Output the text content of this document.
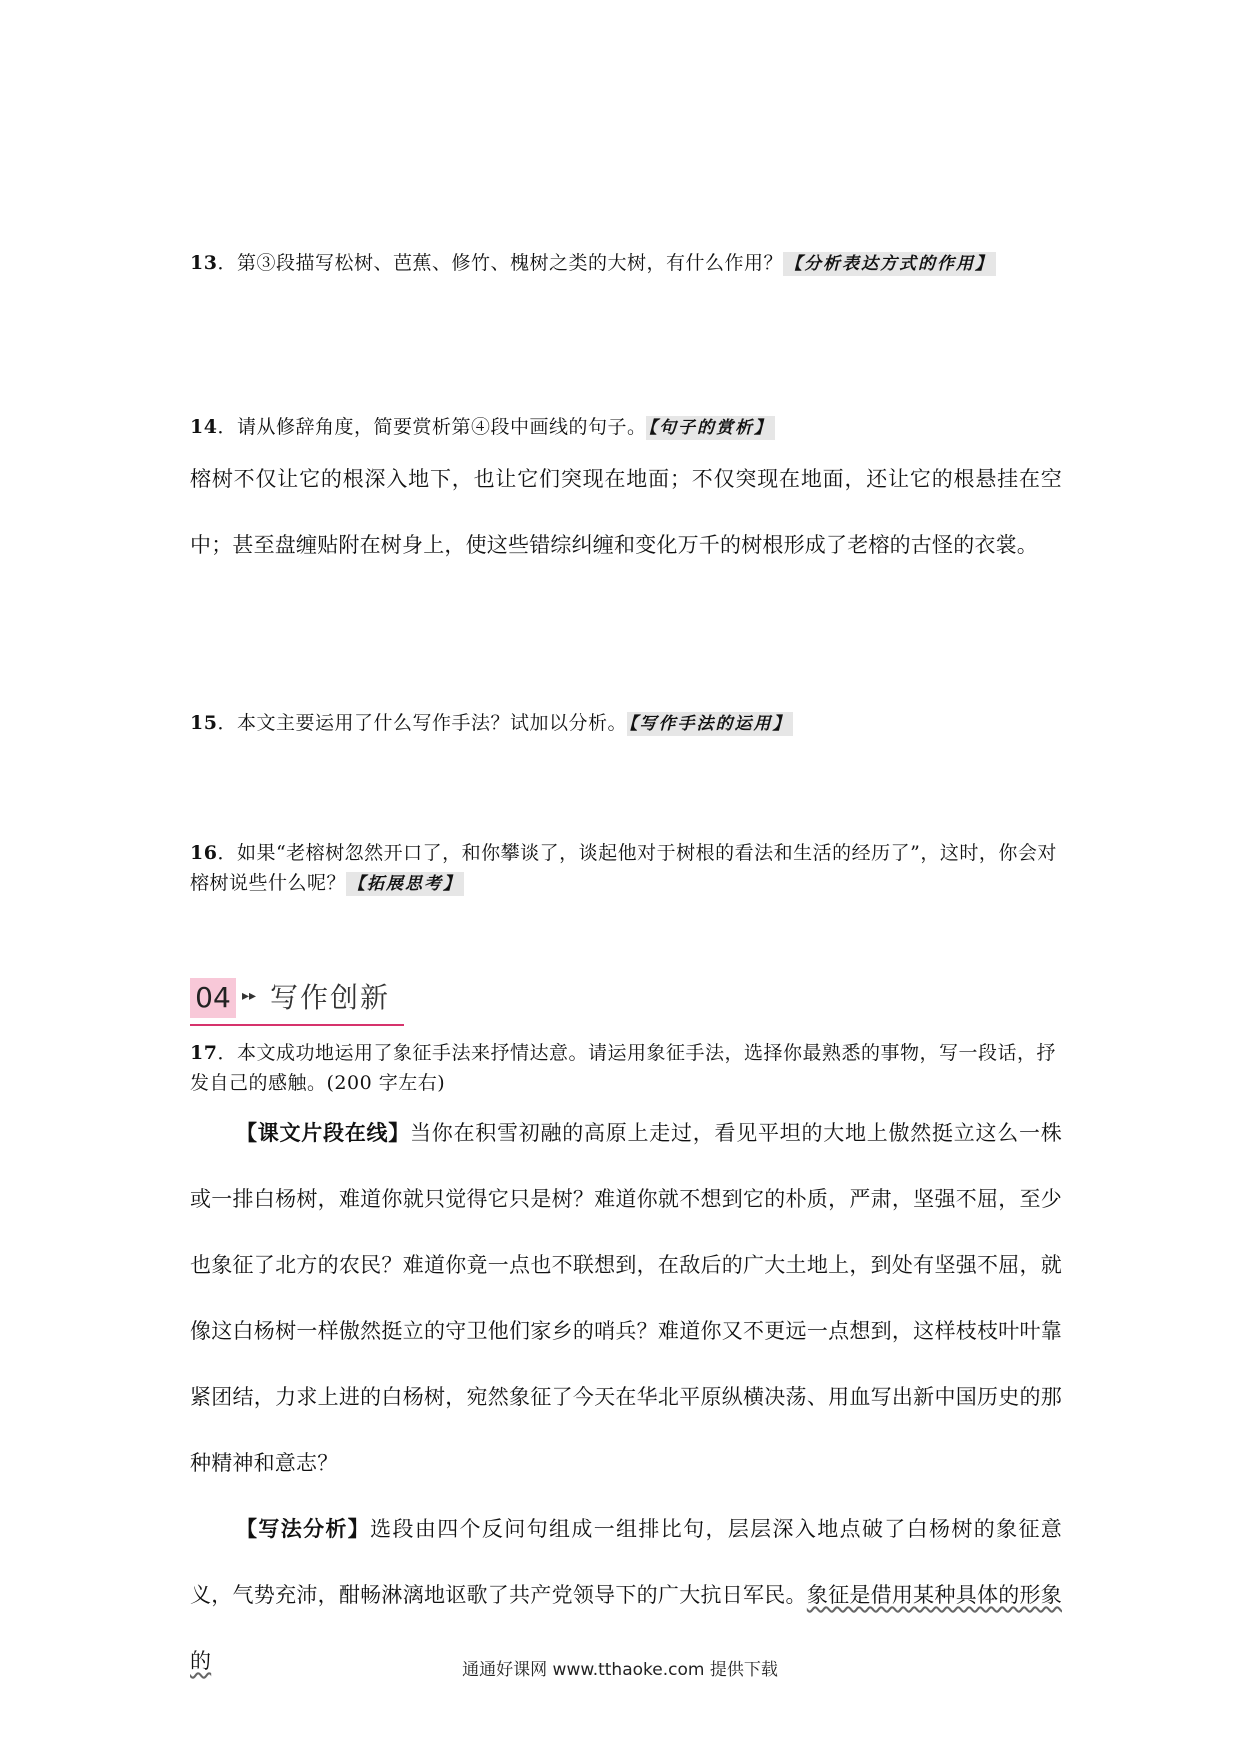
13．第③段描写松树、芭蕉、修竹、槐树之类的大树，有什么作用？ 【分析表达方式的作用】
14．请从修辞角度，简要赏析第④段中画线的句子。 【句子的赏析】

榕树不仅让它的根深入地下，也让它们突现在地面；不仅突现在地面，还让它的根悬挂在空中；甚至盘缠贴附在树身上，使这些错综纠缠和变化万千的树根形成了老榕的古怪的衣裳。

15．本文主要运用了什么写作手法？试加以分析。 【写作手法的运用】
16．如果“老榕树忽然开口了，和你攀谈了，谈起他对于树根的看法和生活的经历了”，这时，你会对榕树说些什么呢？ 【拓展思考】
04 ▸▸ 写作创新
17．本文成功地运用了象征手法来抒情达意。请运用象征手法，选择你最熟悉的事物，写一段话，抒发自己的感触。(200 字左右)

【课文片段在线】当你在积雪初融的高原上走过，看见平坦的大地上傲然挺立这么一株或一排白杨树，难道你就只觉得它只是树？难道你就不想到它的朴质，严肃，坚强不屈，至少也象征了北方的农民？难道你竟一点也不联想到，在敌后的广大土地上，到处有坚强不屈，就像这白杨树一样傲然挺立的守卫他们家乡的哨兵？难道你又不更远一点想到，这样枝枝叶叶靠紧团结，力求上进的白杨树，宛然象征了今天在华北平原纵横决荡、用血写出新中国历史的那种精神和意志？

【写法分析】选段由四个反问句组成一组排比句，层层深入地点破了白杨树的象征意义，气势充沛，酣畅淋漓地讴歌了共产党领导下的广大抗日军民。象征是借用某种具体的形象的	通通好课网 www.tthaoke.com 提供下载
